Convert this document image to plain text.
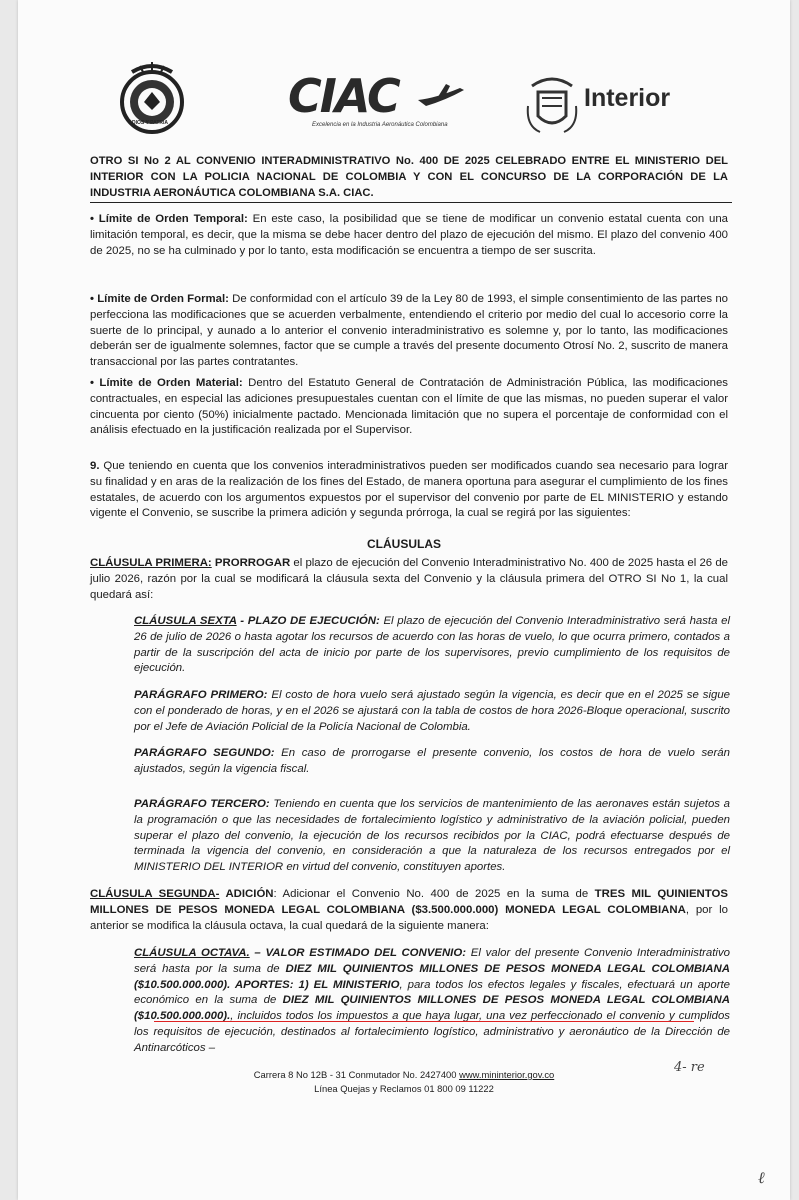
DIOS Y PATRIA	CIAC
Excelencia en la Industria Aeronáutica Colombiana
Interior
OTRO SI No 2 AL CONVENIO INTERADMINISTRATIVO No. 400 DE 2025 CELEBRADO ENTRE EL MINISTERIO DEL INTERIOR CON LA POLICIA NACIONAL DE COLOMBIA Y CON EL CONCURSO DE LA CORPORACIÓN DE LA INDUSTRIA AERONÁUTICA COLOMBIANA S.A. CIAC.

• Límite de Orden Temporal: En este caso, la posibilidad que se tiene de modificar un convenio estatal cuenta con una limitación temporal, es decir, que la misma se debe hacer dentro del plazo de ejecución del mismo. El plazo del convenio 400 de 2025, no se ha culminado y por lo tanto, esta modificación se encuentra a tiempo de ser suscrita.

• Límite de Orden Formal: De conformidad con el artículo 39 de la Ley 80 de 1993, el simple consentimiento de las partes no perfecciona las modificaciones que se acuerden verbalmente, entendiendo el criterio por medio del cual lo accesorio corre la suerte de lo principal, y aunado a lo anterior el convenio interadministrativo es solemne y, por lo tanto, las modificaciones deberán ser de igualmente solemnes, factor que se cumple a través del presente documento Otrosí No. 2, suscrito de manera transaccional por las partes contratantes.

• Límite de Orden Material: Dentro del Estatuto General de Contratación de Administración Pública, las modificaciones contractuales, en especial las adiciones presupuestales cuentan con el límite de que las mismas, no pueden superar el valor cincuenta por ciento (50%) inicialmente pactado. Mencionada limitación que no supera el porcentaje de conformidad con el análisis efectuado en la justificación realizada por el Supervisor.

9. Que teniendo en cuenta que los convenios interadministrativos pueden ser modificados cuando sea necesario para lograr su finalidad y en aras de la realización de los fines del Estado, de manera oportuna para asegurar el cumplimiento de los fines estatales, de acuerdo con los argumentos expuestos por el supervisor del convenio por parte de EL MINISTERIO y estando vigente el Convenio, se suscribe la primera adición y segunda prórroga, la cual se regirá por las siguientes:

CLÁUSULAS

CLÁUSULA PRIMERA: PRORROGAR el plazo de ejecución del Convenio Interadministrativo No. 400 de 2025 hasta el 26 de julio 2026, razón por la cual se modificará la cláusula sexta del Convenio y la cláusula primera del OTRO SI No 1, la cual quedará así:

CLÁUSULA SEXTA - PLAZO DE EJECUCIÓN: El plazo de ejecución del Convenio Interadministrativo será hasta el 26 de julio de 2026 o hasta agotar los recursos de acuerdo con las horas de vuelo, lo que ocurra primero, contados a partir de la suscripción del acta de inicio por parte de los supervisores, previo cumplimiento de los requisitos de ejecución.

PARÁGRAFO PRIMERO: El costo de hora vuelo será ajustado según la vigencia, es decir que en el 2025 se sigue con el ponderado de horas, y en el 2026 se ajustará con la tabla de costos de hora 2026-Bloque operacional, suscrito por el Jefe de Aviación Policial de la Policía Nacional de Colombia.

PARÁGRAFO SEGUNDO: En caso de prorrogarse el presente convenio, los costos de hora de vuelo serán ajustados, según la vigencia fiscal.

PARÁGRAFO TERCERO: Teniendo en cuenta que los servicios de mantenimiento de las aeronaves están sujetos a la programación o que las necesidades de fortalecimiento logístico y administrativo de la aviación policial, pueden superar el plazo del convenio, la ejecución de los recursos recibidos por la CIAC, podrá efectuarse después de terminada la vigencia del convenio, en consideración a que la naturaleza de los recursos entregados por el MINISTERIO DEL INTERIOR en virtud del convenio, constituyen aportes.

CLÁUSULA SEGUNDA- ADICIÓN: Adicionar el Convenio No. 400 de 2025 en la suma de TRES MIL QUINIENTOS MILLONES DE PESOS MONEDA LEGAL COLOMBIANA ($3.500.000.000) MONEDA LEGAL COLOMBIANA, por lo anterior se modifica la cláusula octava, la cual quedará de la siguiente manera:

CLÁUSULA OCTAVA. – VALOR ESTIMADO DEL CONVENIO: El valor del presente Convenio Interadministrativo será hasta por la suma de DIEZ MIL QUINIENTOS MILLONES DE PESOS MONEDA LEGAL COLOMBIANA ($10.500.000.000). APORTES: 1) EL MINISTERIO, para todos los efectos legales y fiscales, efectuará un aporte económico en la suma de DIEZ MIL QUINIENTOS MILLONES DE PESOS MONEDA LEGAL COLOMBIANA ($10.500.000.000)., incluidos todos los impuestos a que haya lugar, una vez perfeccionado el convenio y cumplidos los requisitos de ejecución, destinados al fortalecimiento logístico, administrativo y aeronáutico de la Dirección de Antinarcóticos –

Carrera 8 No 12B - 31 Conmutador No. 2427400 www.mininterior.gov.co
Línea Quejas y Reclamos 01 800 09 11222
4- re
ℓ
